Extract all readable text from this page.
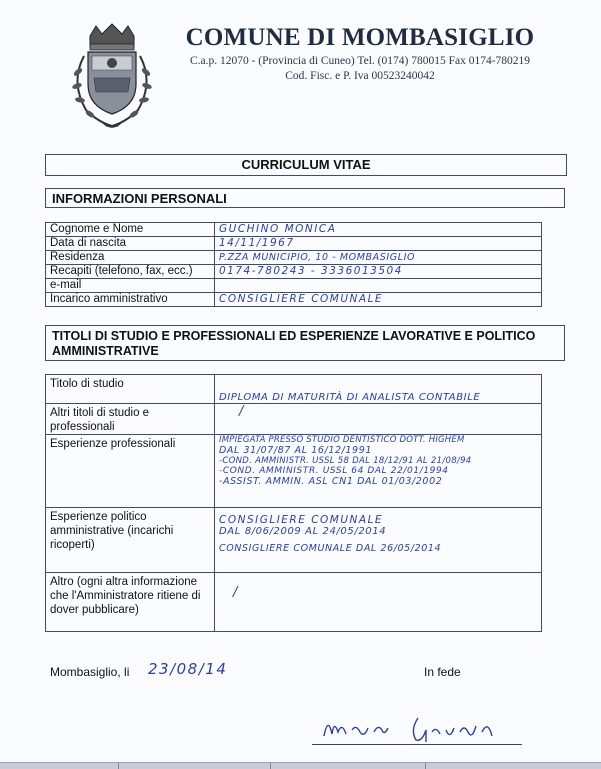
COMUNE DI MOMBASIGLIO
C.a.p. 12070 - (Provincia di Cuneo) Tel. (0174) 780015 Fax 0174-780219
Cod. Fisc. e P. Iva 00523240042
CURRICULUM VITAE
INFORMAZIONI PERSONALI
Cognome e Nome	GUCHINO MONICA

Data di nascita	14/11/1967

Residenza	P.ZZA MUNICIPIO, 10 - MOMBASIGLIO

Recapiti (telefono, fax, ecc.)	0174-780243 - 3336013504

e-mail	
Incarico amministrativo	CONSIGLIERE COMUNALE
TITOLI DI STUDIO E PROFESSIONALI ED ESPERIENZE LAVORATIVE E POLITICO AMMINISTRATIVE
Titolo di studio	DIPLOMA DI MATURITÀ DI ANALISTA CONTABILE

Altri titoli di studio e professionali	/

Esperienze professionali	IMPIEGATA PRESSO STUDIO DENTISTICO DOTT. HIGHEM
DAL 31/07/87 AL 16/12/1991
-COND. AMMINISTR. USSL 58 DAL 18/12/91 AL 21/08/94
-COND. AMMINISTR. USSL 64 DAL 22/01/1994
-ASSIST. AMMIN. ASL CN1 DAL 01/03/2002

Esperienze politico amministrative (incarichi ricoperti)	CONSIGLIERE COMUNALE
DAL 8/06/2009 AL 24/05/2014
CONSIGLIERE COMUNALE DAL 26/05/2014

Altro (ogni altra informazione che l'Amministratore ritiene di dover pubblicare)	/
Mombasiglio, li 23/08/14	In fede
